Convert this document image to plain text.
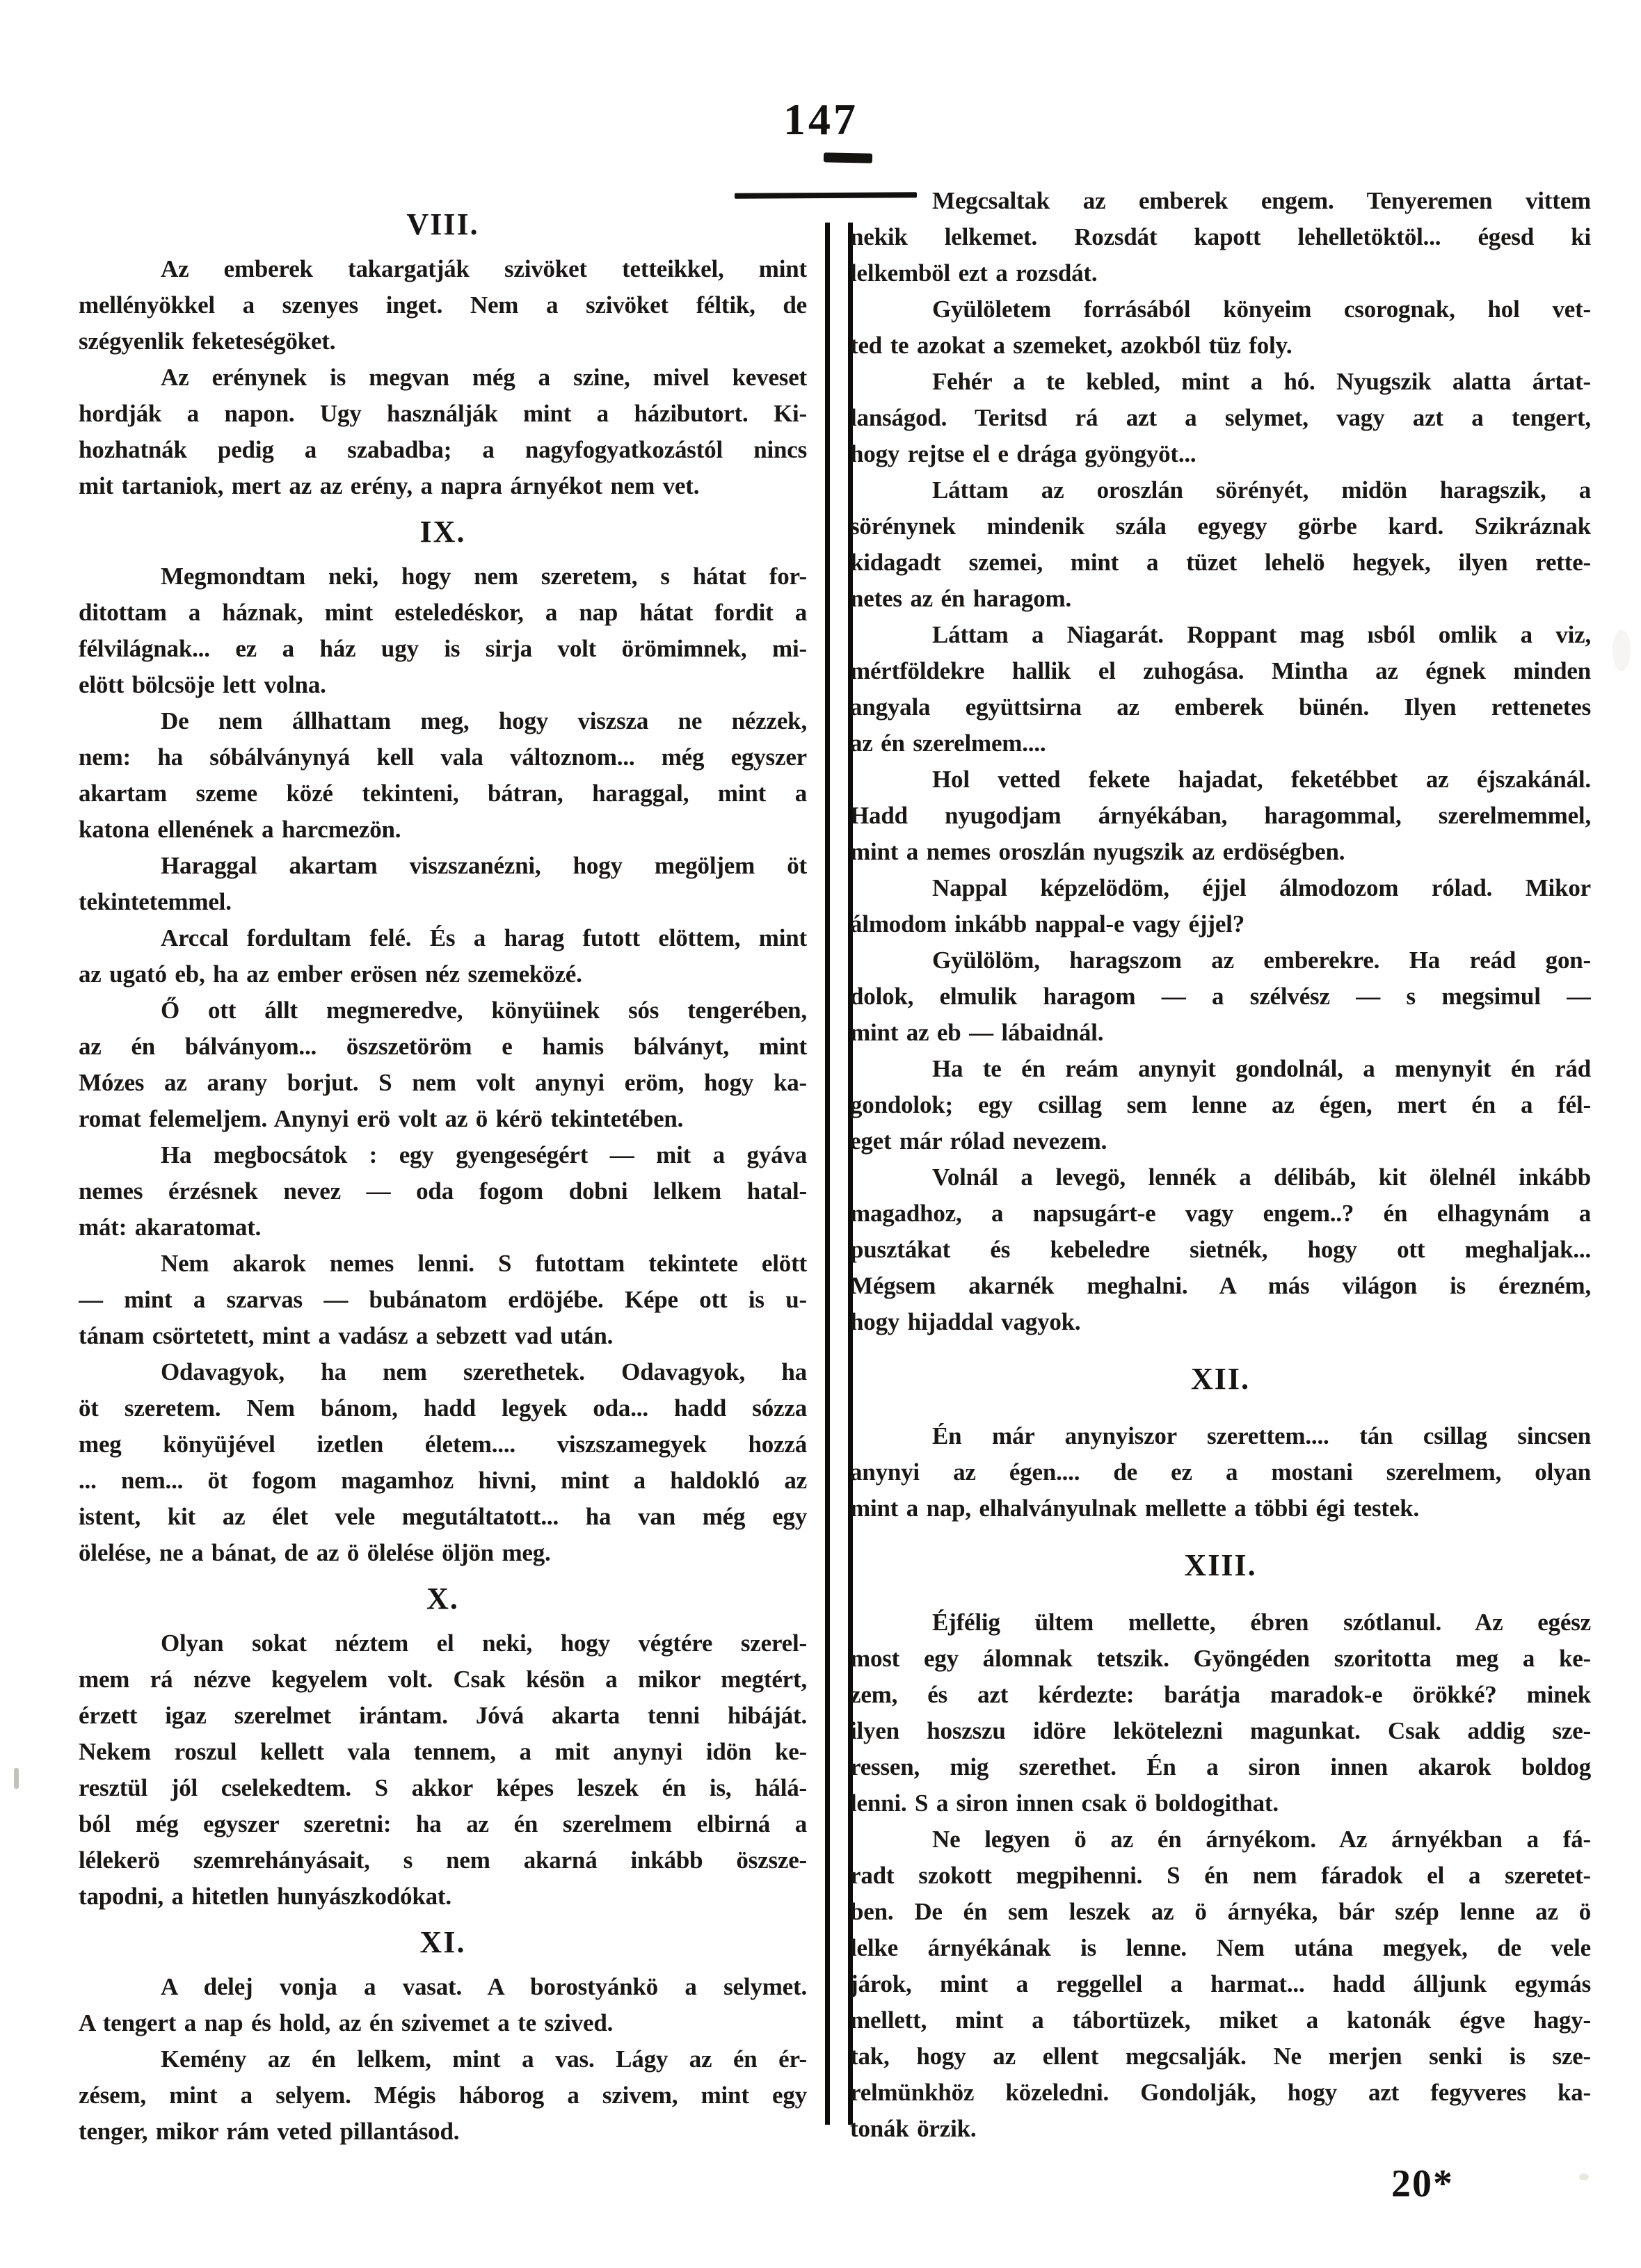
147
VIII.
Az emberek takargatják szivöket tetteikkel, mint
mellényökkel a szenyes inget. Nem a szivöket féltik, de
szégyenlik feketeségöket.
Az erénynek is megvan még a szine, mivel keveset
hordják a napon. Ugy használják mint a házibutort. Ki-
hozhatnák pedig a szabadba; a nagyfogyatkozástól nincs
mit tartaniok, mert az az erény, a napra árnyékot nem vet.
IX.
Megmondtam neki, hogy nem szeretem, s hátat for-
ditottam a háznak, mint esteledéskor, a nap hátat fordit a
félvilágnak... ez a ház ugy is sirja volt örömimnek, mi-
elött bölcsöje lett volna.
De nem állhattam meg, hogy viszsza ne nézzek,
nem: ha sóbálványnyá kell vala változnom... még egyszer
akartam szeme közé tekinteni, bátran, haraggal, mint a
katona ellenének a harcmezön.
Haraggal akartam viszszanézni, hogy megöljem öt
tekintetemmel.
Arccal fordultam felé. És a harag futott elöttem, mint
az ugató eb, ha az ember erösen néz szemeközé.
Ő ott állt megmeredve, könyüinek sós tengerében,
az én bálványom... öszszetöröm e hamis bálványt, mint
Mózes az arany borjut. S nem volt anynyi eröm, hogy ka-
romat felemeljem. Anynyi erö volt az ö kérö tekintetében.
Ha megbocsátok : egy gyengeségért — mit a gyáva
nemes érzésnek nevez — oda fogom dobni lelkem hatal-
mát: akaratomat.
Nem akarok nemes lenni. S futottam tekintete elött
— mint a szarvas — bubánatom erdöjébe. Képe ott is u-
tánam csörtetett, mint a vadász a sebzett vad után.
Odavagyok, ha nem szerethetek. Odavagyok, ha
öt szeretem. Nem bánom, hadd legyek oda... hadd sózza
meg könyüjével izetlen életem.... viszszamegyek hozzá
... nem... öt fogom magamhoz hivni, mint a haldokló az
istent, kit az élet vele megutáltatott... ha van még egy
ölelése, ne a bánat, de az ö ölelése öljön meg.
X.
Olyan sokat néztem el neki, hogy végtére szerel-
mem rá nézve kegyelem volt. Csak késön a mikor megtért,
érzett igaz szerelmet irántam. Jóvá akarta tenni hibáját.
Nekem roszul kellett vala tennem, a mit anynyi idön ke-
resztül jól cselekedtem. S akkor képes leszek én is, hálá-
ból még egyszer szeretni: ha az én szerelmem elbirná a
lélekerö szemrehányásait, s nem akarná inkább öszsze-
tapodni, a hitetlen hunyászkodókat.
XI.
A delej vonja a vasat. A borostyánkö a selymet.
A tengert a nap és hold, az én szivemet a te szived.
Kemény az én lelkem, mint a vas. Lágy az én ér-
zésem, mint a selyem. Mégis háborog a szivem, mint egy
tenger, mikor rám veted pillantásod.
Megcsaltak az emberek engem. Tenyeremen vittem
nekik lelkemet. Rozsdát kapott lehelletöktöl... égesd ki
lelkemböl ezt a rozsdát.
Gyülöletem forrásából könyeim csorognak, hol vet-
ted te azokat a szemeket, azokból tüz foly.
Fehér a te kebled, mint a hó. Nyugszik alatta ártat-
lanságod. Teritsd rá azt a selymet, vagy azt a tengert,
hogy rejtse el e drága gyöngyöt...
Láttam az oroszlán sörényét, midön haragszik, a
sörénynek mindenik szála egyegy görbe kard. Szikráznak
kidagadt szemei, mint a tüzet lehelö hegyek, ilyen rette-
netes az én haragom.
Láttam a Niagarát. Roppant mag ısból omlik a viz,
mértföldekre hallik el zuhogása. Mintha az égnek minden
angyala együttsirna az emberek bünén. Ilyen rettenetes
az én szerelmem....
Hol vetted fekete hajadat, feketébbet az éjszakánál.
Hadd nyugodjam árnyékában, haragommal, szerelmemmel,
mint a nemes oroszlán nyugszik az erdöségben.
Nappal képzelödöm, éjjel álmodozom rólad. Mikor
álmodom inkább nappal-e vagy éjjel?
Gyülölöm, haragszom az emberekre. Ha reád gon-
dolok, elmulik haragom — a szélvész — s megsimul —
mint az eb — lábaidnál.
Ha te én reám anynyit gondolnál, a menynyit én rád
gondolok; egy csillag sem lenne az égen, mert én a fél-
eget már rólad nevezem.
Volnál a levegö, lennék a délibáb, kit ölelnél inkább
magadhoz, a napsugárt-e vagy engem..? én elhagynám a
pusztákat és kebeledre sietnék, hogy ott meghaljak...
Mégsem akarnék meghalni. A más világon is érezném,
hogy hijaddal vagyok.
XII.
Én már anynyiszor szerettem.... tán csillag sincsen
anynyi az égen.... de ez a mostani szerelmem, olyan
mint a nap, elhalványulnak mellette a többi égi testek.
XIII.
Éjfélig ültem mellette, ébren szótlanul. Az egész
most egy álomnak tetszik. Gyöngéden szoritotta meg a ke-
zem, és azt kérdezte: barátja maradok-e örökké? minek
ilyen hoszszu idöre lekötelezni magunkat. Csak addig sze-
ressen, mig szerethet. Én a siron innen akarok boldog
lenni. S a siron innen csak ö boldogithat.
Ne legyen ö az én árnyékom. Az árnyékban a fá-
radt szokott megpihenni. S én nem fáradok el a szeretet-
ben. De én sem leszek az ö árnyéka, bár szép lenne az ö
lelke árnyékának is lenne. Nem utána megyek, de vele
járok, mint a reggellel a harmat... hadd álljunk egymás
mellett, mint a tábortüzek, miket a katonák égve hagy-
tak, hogy az ellent megcsalják. Ne merjen senki is sze-
relmünkhöz közeledni. Gondolják, hogy azt fegyveres ka-
tonák örzik.
20*
